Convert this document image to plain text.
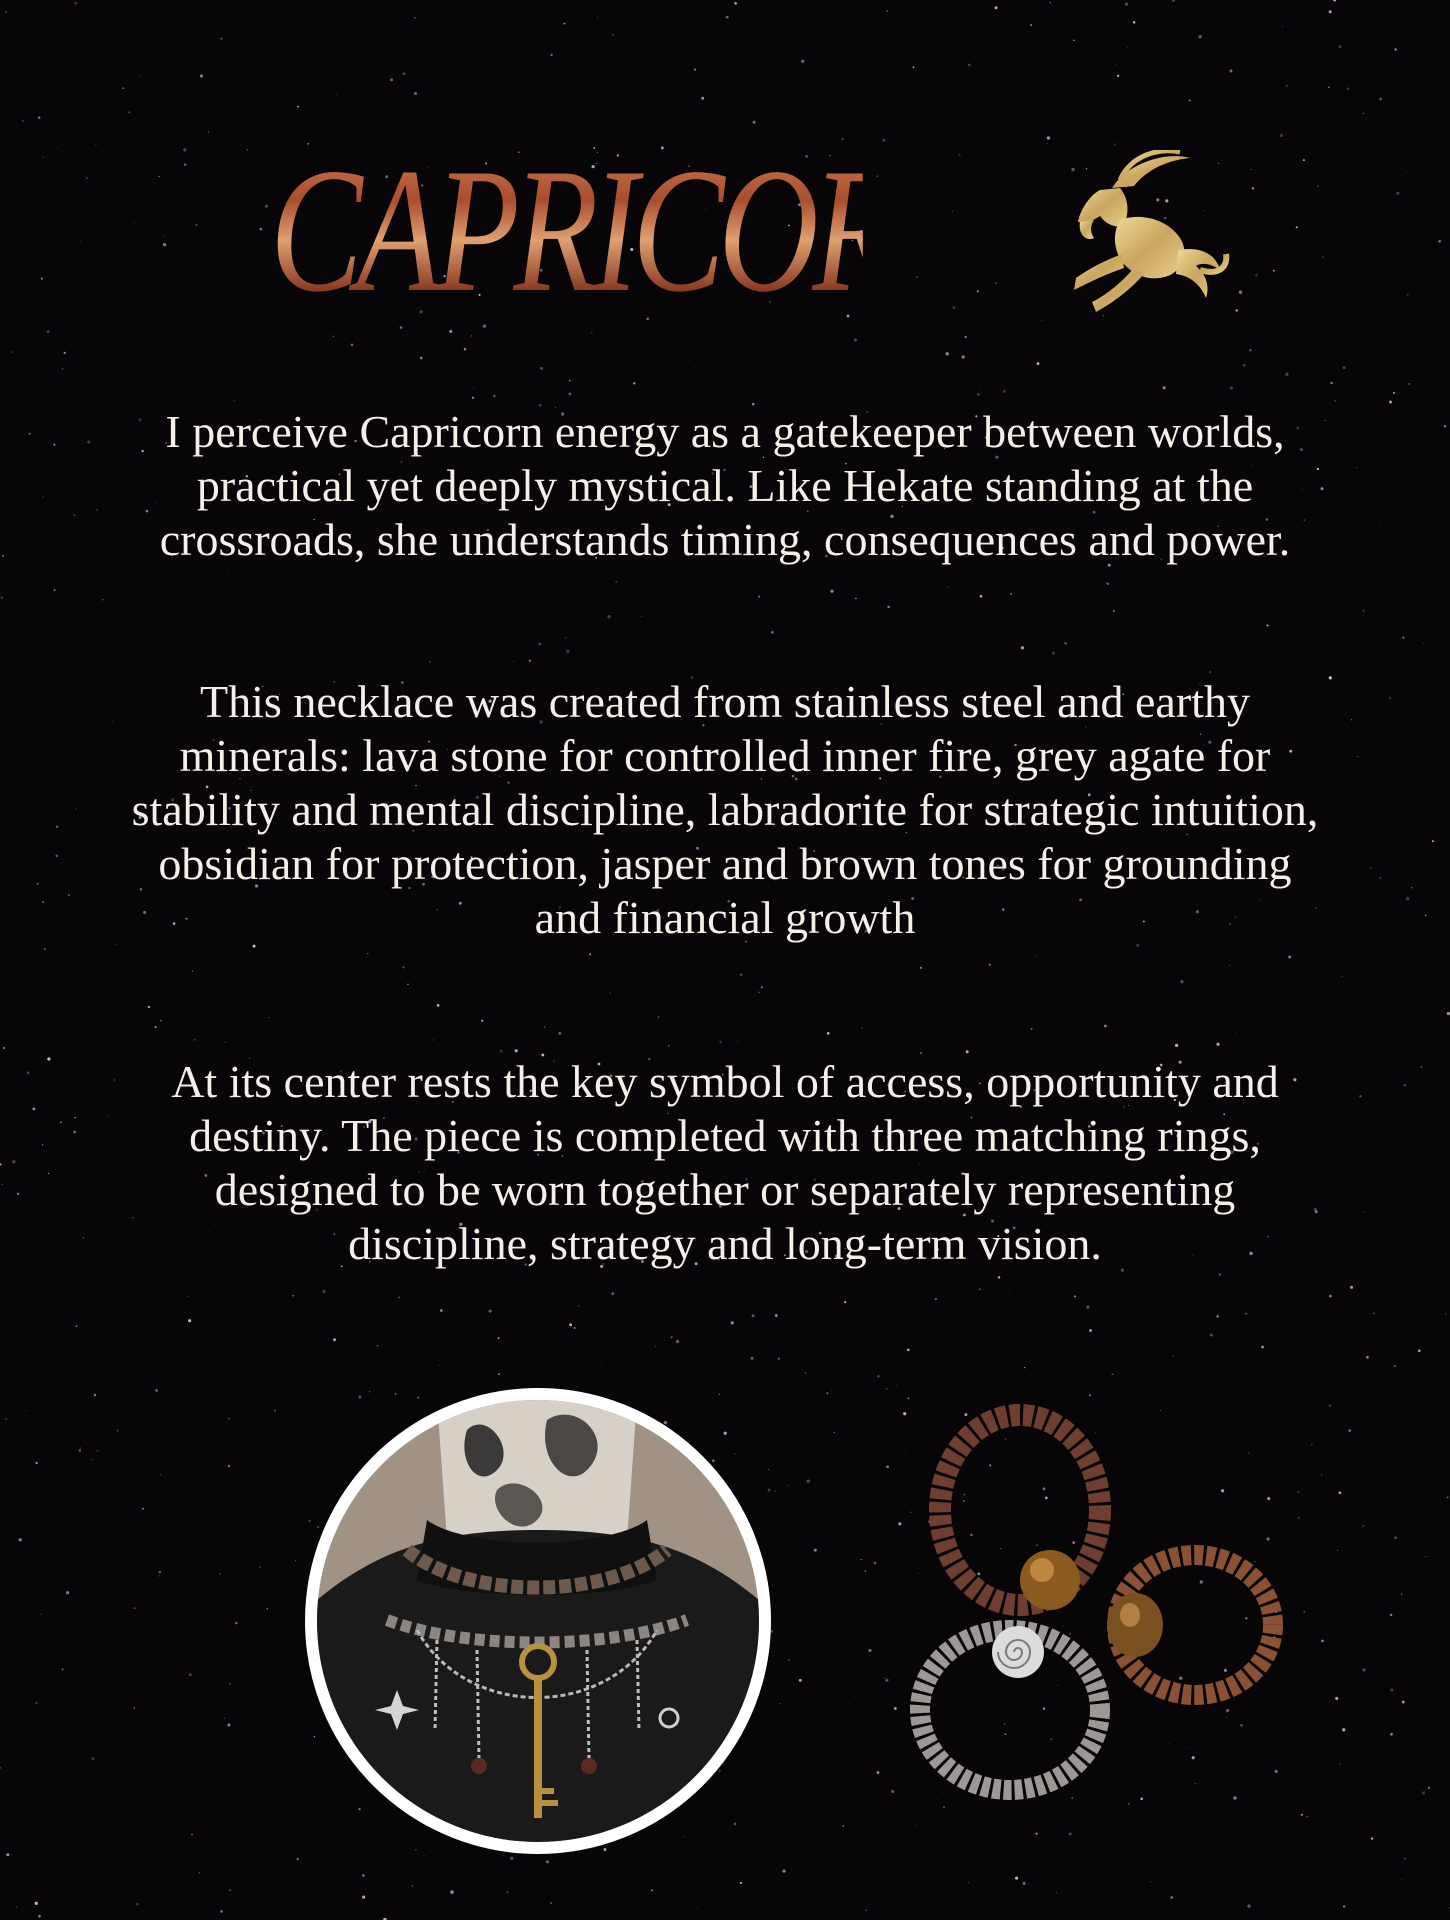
CAPRICORN

I perceive Capricorn energy as a gatekeeper between worlds, practical yet deeply mystical. Like Hekate standing at the crossroads, she understands timing, consequences and power.

This necklace was created from stainless steel and earthy minerals: lava stone for controlled inner fire, grey agate for stability and mental discipline, labradorite for strategic intuition, obsidian for protection, jasper and brown tones for grounding and financial growth

At its center rests the key symbol of access, opportunity and destiny. The piece is completed with three matching rings, designed to be worn together or separately representing discipline, strategy and long-term vision.
